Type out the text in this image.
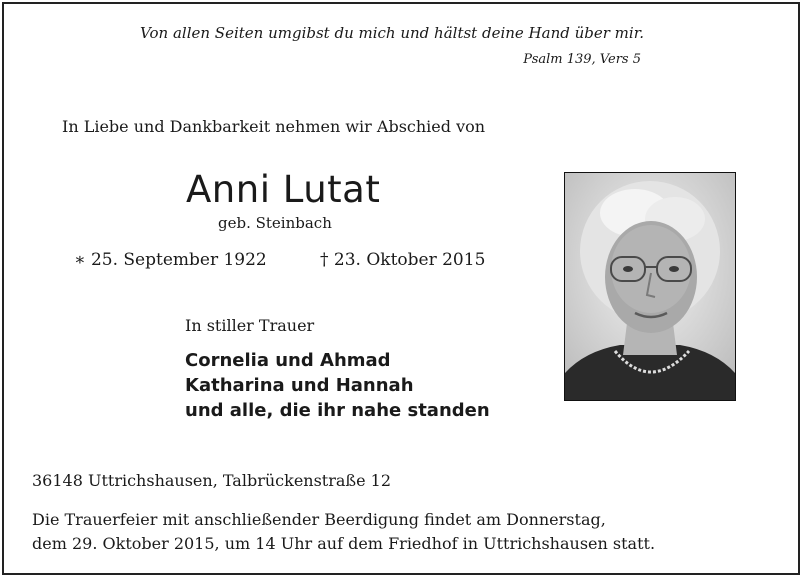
Von allen Seiten umgibst du mich und hältst deine Hand über mir.
Psalm 139, Vers 5
In Liebe und Dankbarkeit nehmen wir Abschied von
Anni Lutat
geb. Steinbach
∗ 25. September 1922	† 23. Oktober 2015
In stiller Trauer
Cornelia und Ahmad
Katharina und Hannah
und alle, die ihr nahe standen
36148 Uttrichshausen, Talbrückenstraße 12
Die Trauerfeier mit anschließender Beerdigung findet am Donnerstag,
dem 29. Oktober 2015, um 14 Uhr auf dem Friedhof in Uttrichshausen statt.
